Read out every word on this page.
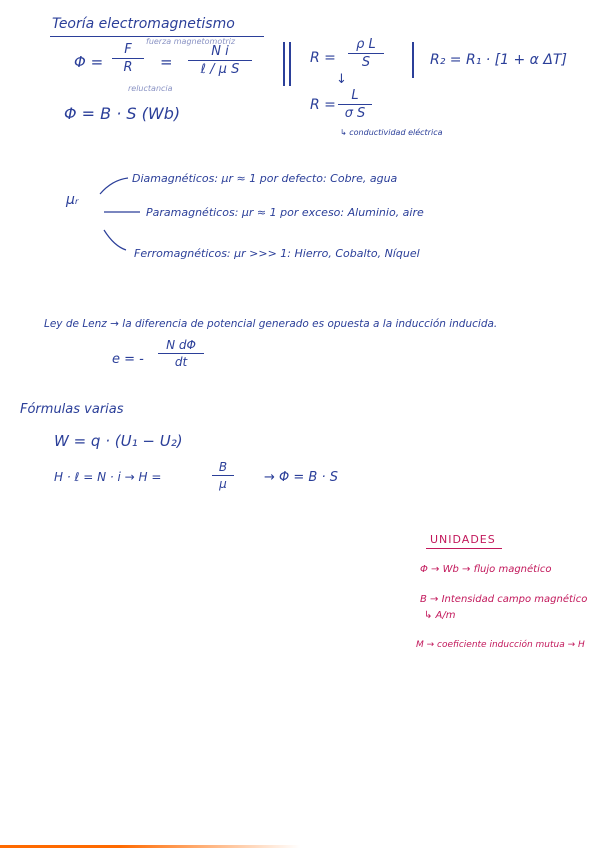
Teoría electromagnetismo
Φ =
F
R
fuerza magnetomotriz
reluctancia
=
N i
ℓ / μ S
R =
ρ L
S
↓
R =
L
σ S
↳ conductividad eléctrica
R₂ = R₁ · [1 + α ΔT]
Φ = B · S (Wb)
μᵣ
Diamagnéticos: μr ≈ 1 por defecto: Cobre, agua
Paramagnéticos: μr ≈ 1 por exceso: Aluminio, aire
Ferromagnéticos: μr >>> 1: Hierro, Cobalto, Níquel
Ley de Lenz → la diferencia de potencial generado es opuesta a la inducción inducida.
e = -
N dΦ
dt
Fórmulas varias
W = q · (U₁ − U₂)
H · ℓ = N · i → H =
B
μ	→ Φ = B · S
UNIDADES
Φ → Wb → flujo magnético
B → Intensidad campo magnético
↳ A/m
M → coeficiente inducción mutua → H
